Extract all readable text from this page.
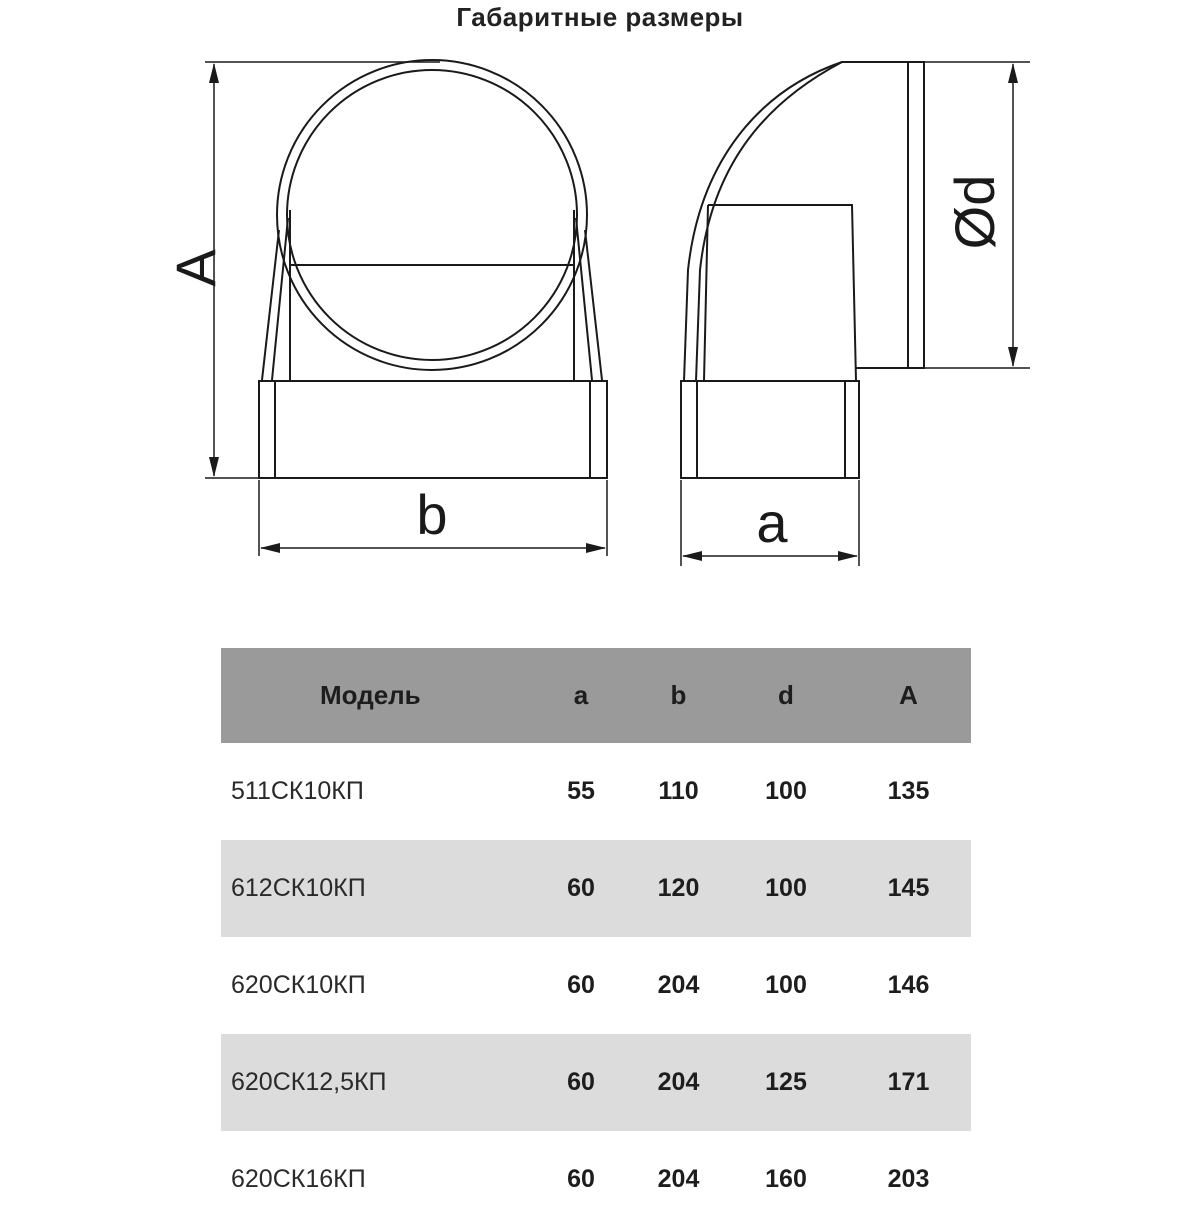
Габаритные размеры
A
b
Ød
a
Модель	a	b	d	A
511СК10КП	55	110	100	135
612СК10КП	60	120	100	145
620СК10КП	60	204	100	146
620СК12,5КП	60	204	125	171
620СК16КП	60	204	160	203
